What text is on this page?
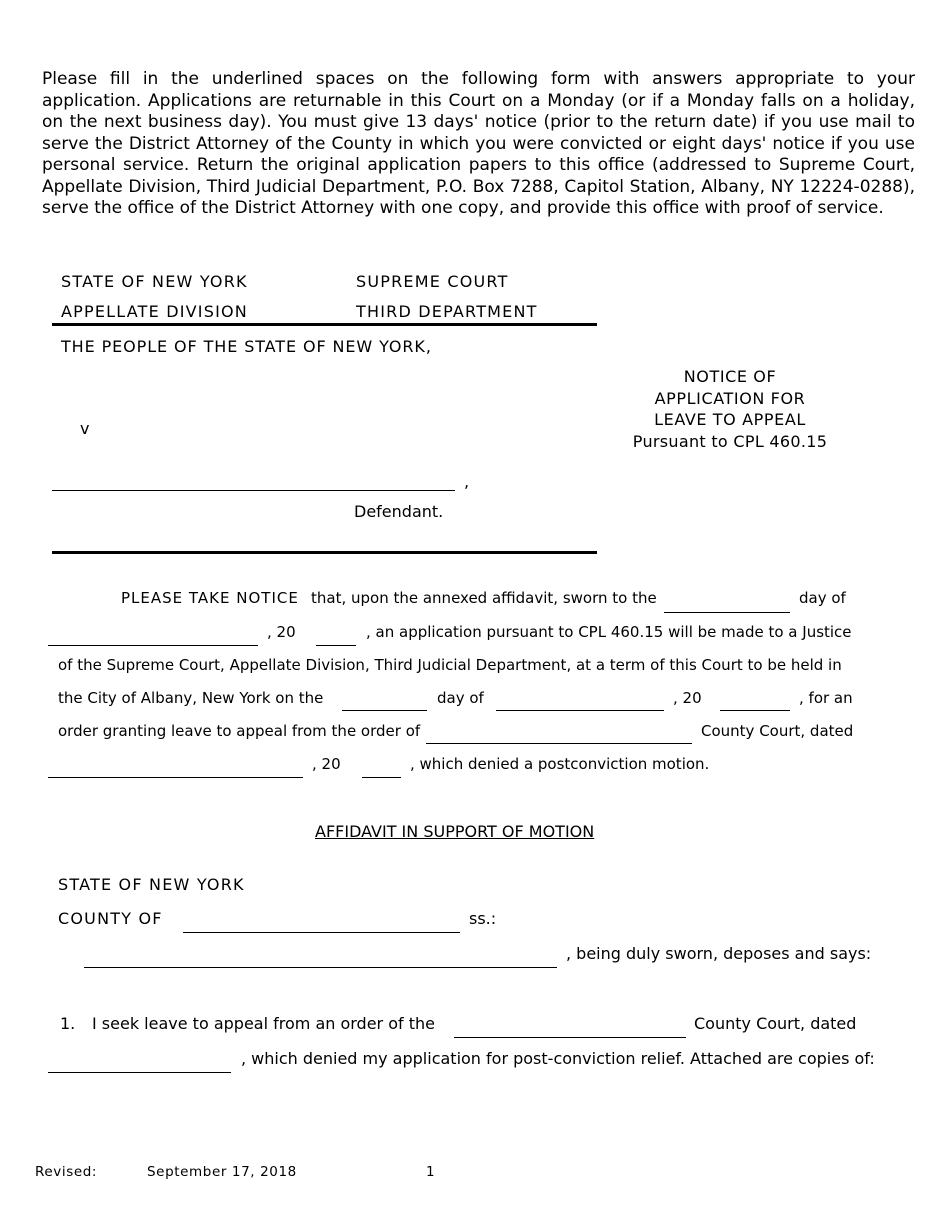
Please fill in the underlined spaces on the following form with answers appropriate to your application. Applications are returnable in this Court on a Monday (or if a Monday falls on a holiday, on the next business day). You must give 13 days' notice (prior to the return date) if you use mail to serve the District Attorney of the County in which you were convicted or eight days' notice if you use personal service. Return the original application papers to this office (addressed to Supreme Court, Appellate Division, Third Judicial Department, P.O. Box 7288, Capitol Station, Albany, NY 12224-0288), serve the office of the District Attorney with one copy, and provide this office with proof of service.
STATE OF NEW YORK	SUPREME COURT
APPELLATE DIVISION	THIRD DEPARTMENT
THE PEOPLE OF THE STATE OF NEW YORK,
v
,
Defendant.
NOTICE OF
APPLICATION FOR
LEAVE TO APPEAL
Pursuant to CPL 460.15
PLEASE TAKE NOTICE that, upon the annexed affidavit, sworn to the	day of
, 20	, an application pursuant to CPL 460.15 will be made to a Justice
of the Supreme Court, Appellate Division, Third Judicial Department, at a term of this Court to be held in
the City of Albany, New York on the	day of	, 20	, for an
order granting leave to appeal from the order of	County Court, dated
, 20	, which denied a postconviction motion.
AFFIDAVIT IN SUPPORT OF MOTION
STATE OF NEW YORK
COUNTY OF	ss.:
, being duly sworn, deposes and says:
1. I seek leave to appeal from an order of the	County Court, dated
, which denied my application for post-conviction relief. Attached are copies of:
Revised:	September 17, 2018	1
